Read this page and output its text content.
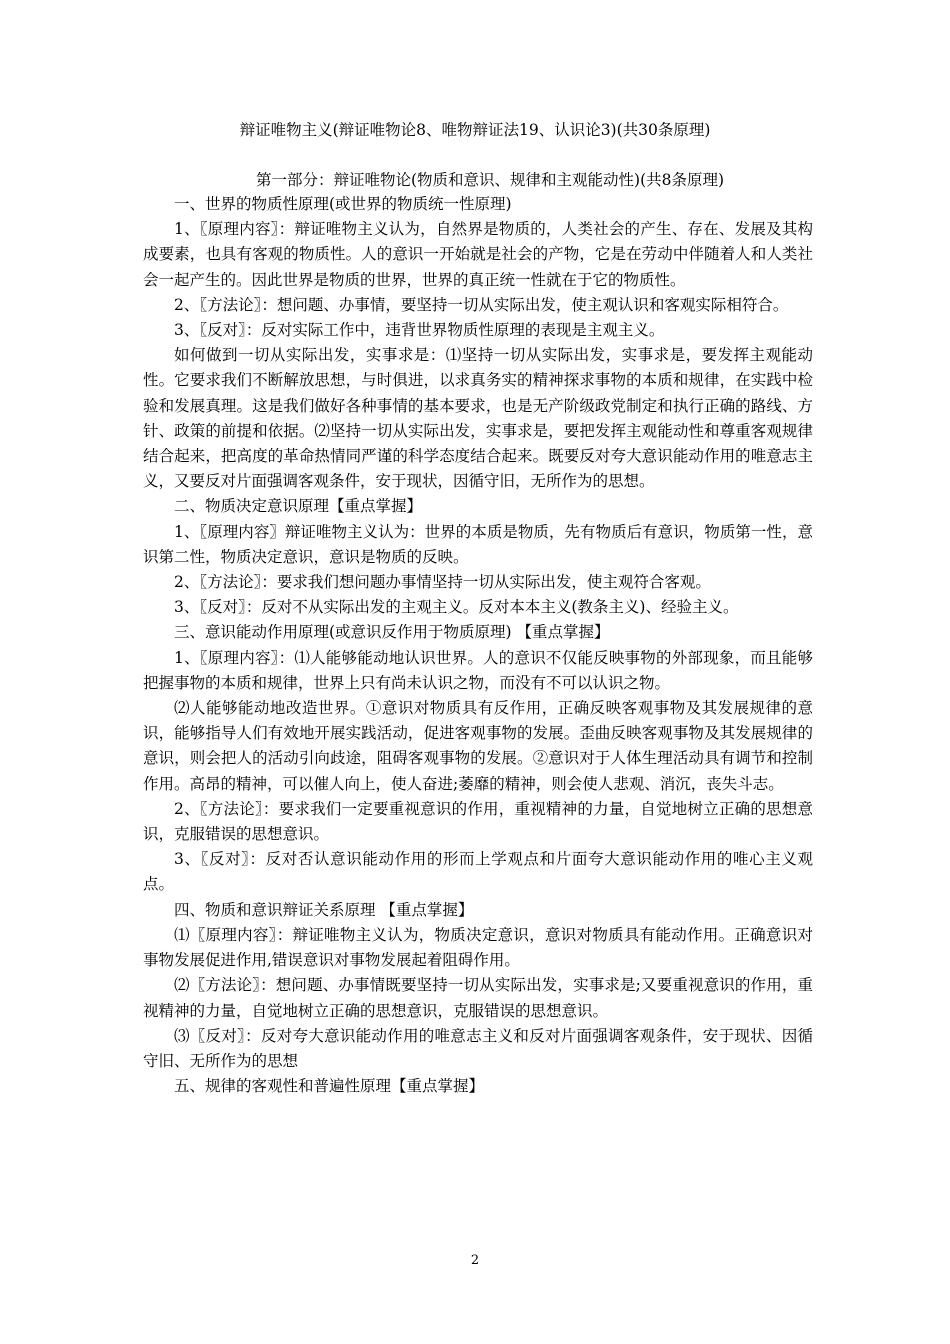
辩证唯物主义(辩证唯物论8、唯物辩证法19、认识论3)(共30条原理)
第一部分：辩证唯物论(物质和意识、规律和主观能动性)(共8条原理)

一、世界的物质性原理(或世界的物质统一性原理)

1、〖原理内容〗：辩证唯物主义认为，自然界是物质的，人类社会的产生、存在、发展及其构成要素，也具有客观的物质性。人的意识一开始就是社会的产物，它是在劳动中伴随着人和人类社会一起产生的。因此世界是物质的世界，世界的真正统一性就在于它的物质性。

2、〖方法论〗：想问题、办事情，要坚持一切从实际出发，使主观认识和客观实际相符合。

3、〖反对〗：反对实际工作中，违背世界物质性原理的表现是主观主义。

如何做到一切从实际出发，实事求是：⑴坚持一切从实际出发，实事求是，要发挥主观能动性。它要求我们不断解放思想，与时俱进，以求真务实的精神探求事物的本质和规律，在实践中检验和发展真理。这是我们做好各种事情的基本要求，也是无产阶级政党制定和执行正确的路线、方针、政策的前提和依据。⑵坚持一切从实际出发，实事求是，要把发挥主观能动性和尊重客观规律结合起来，把高度的革命热情同严谨的科学态度结合起来。既要反对夸大意识能动作用的唯意志主义，又要反对片面强调客观条件，安于现状，因循守旧，无所作为的思想。

二、物质决定意识原理【重点掌握】

1、〖原理内容〗辩证唯物主义认为：世界的本质是物质，先有物质后有意识，物质第一性，意识第二性，物质决定意识，意识是物质的反映。

2、〖方法论〗：要求我们想问题办事情坚持一切从实际出发，使主观符合客观。

3、〖反对〗：反对不从实际出发的主观主义。反对本本主义(教条主义)、经验主义。

三、意识能动作用原理(或意识反作用于物质原理) 【重点掌握】

1、〖原理内容〗：⑴人能够能动地认识世界。人的意识不仅能反映事物的外部现象，而且能够把握事物的本质和规律，世界上只有尚未认识之物，而没有不可以认识之物。

⑵人能够能动地改造世界。①意识对物质具有反作用，正确反映客观事物及其发展规律的意识，能够指导人们有效地开展实践活动，促进客观事物的发展。歪曲反映客观事物及其发展规律的意识，则会把人的活动引向歧途，阻碍客观事物的发展。②意识对于人体生理活动具有调节和控制作用。高昂的精神，可以催人向上，使人奋进;萎靡的精神，则会使人悲观、消沉，丧失斗志。

2、〖方法论〗：要求我们一定要重视意识的作用，重视精神的力量，自觉地树立正确的思想意识，克服错误的思想意识。

3、〖反对〗：反对否认意识能动作用的形而上学观点和片面夸大意识能动作用的唯心主义观点。

四、物质和意识辩证关系原理 【重点掌握】

⑴〖原理内容〗：辩证唯物主义认为，物质决定意识，意识对物质具有能动作用。正确意识对事物发展促进作用,错误意识对事物发展起着阻碍作用。

⑵〖方法论〗：想问题、办事情既要坚持一切从实际出发，实事求是;又要重视意识的作用，重视精神的力量，自觉地树立正确的思想意识，克服错误的思想意识。

⑶〖反对〗：反对夸大意识能动作用的唯意志主义和反对片面强调客观条件，安于现状、因循守旧、无所作为的思想

五、规律的客观性和普遍性原理【重点掌握】

2
